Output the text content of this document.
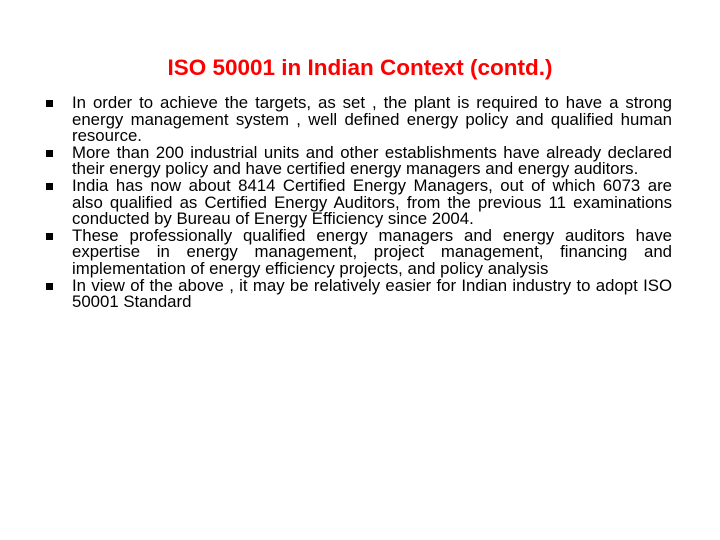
ISO 50001 in Indian Context (contd.)
In order to achieve the targets, as set , the plant is required to have a strong energy management system , well defined energy policy and qualified human resource.
More than 200 industrial units and other establishments have already declared their energy policy and have certified energy managers and energy auditors.
India has now about 8414 Certified Energy Managers, out of which 6073 are also qualified as Certified Energy Auditors, from the previous 11 examinations conducted by Bureau of Energy Efficiency since 2004.
These professionally qualified energy managers and energy auditors have expertise in energy management, project management, financing and implementation of energy efficiency projects, and policy analysis
In view of the above , it may be relatively easier for Indian industry to adopt ISO 50001 Standard
